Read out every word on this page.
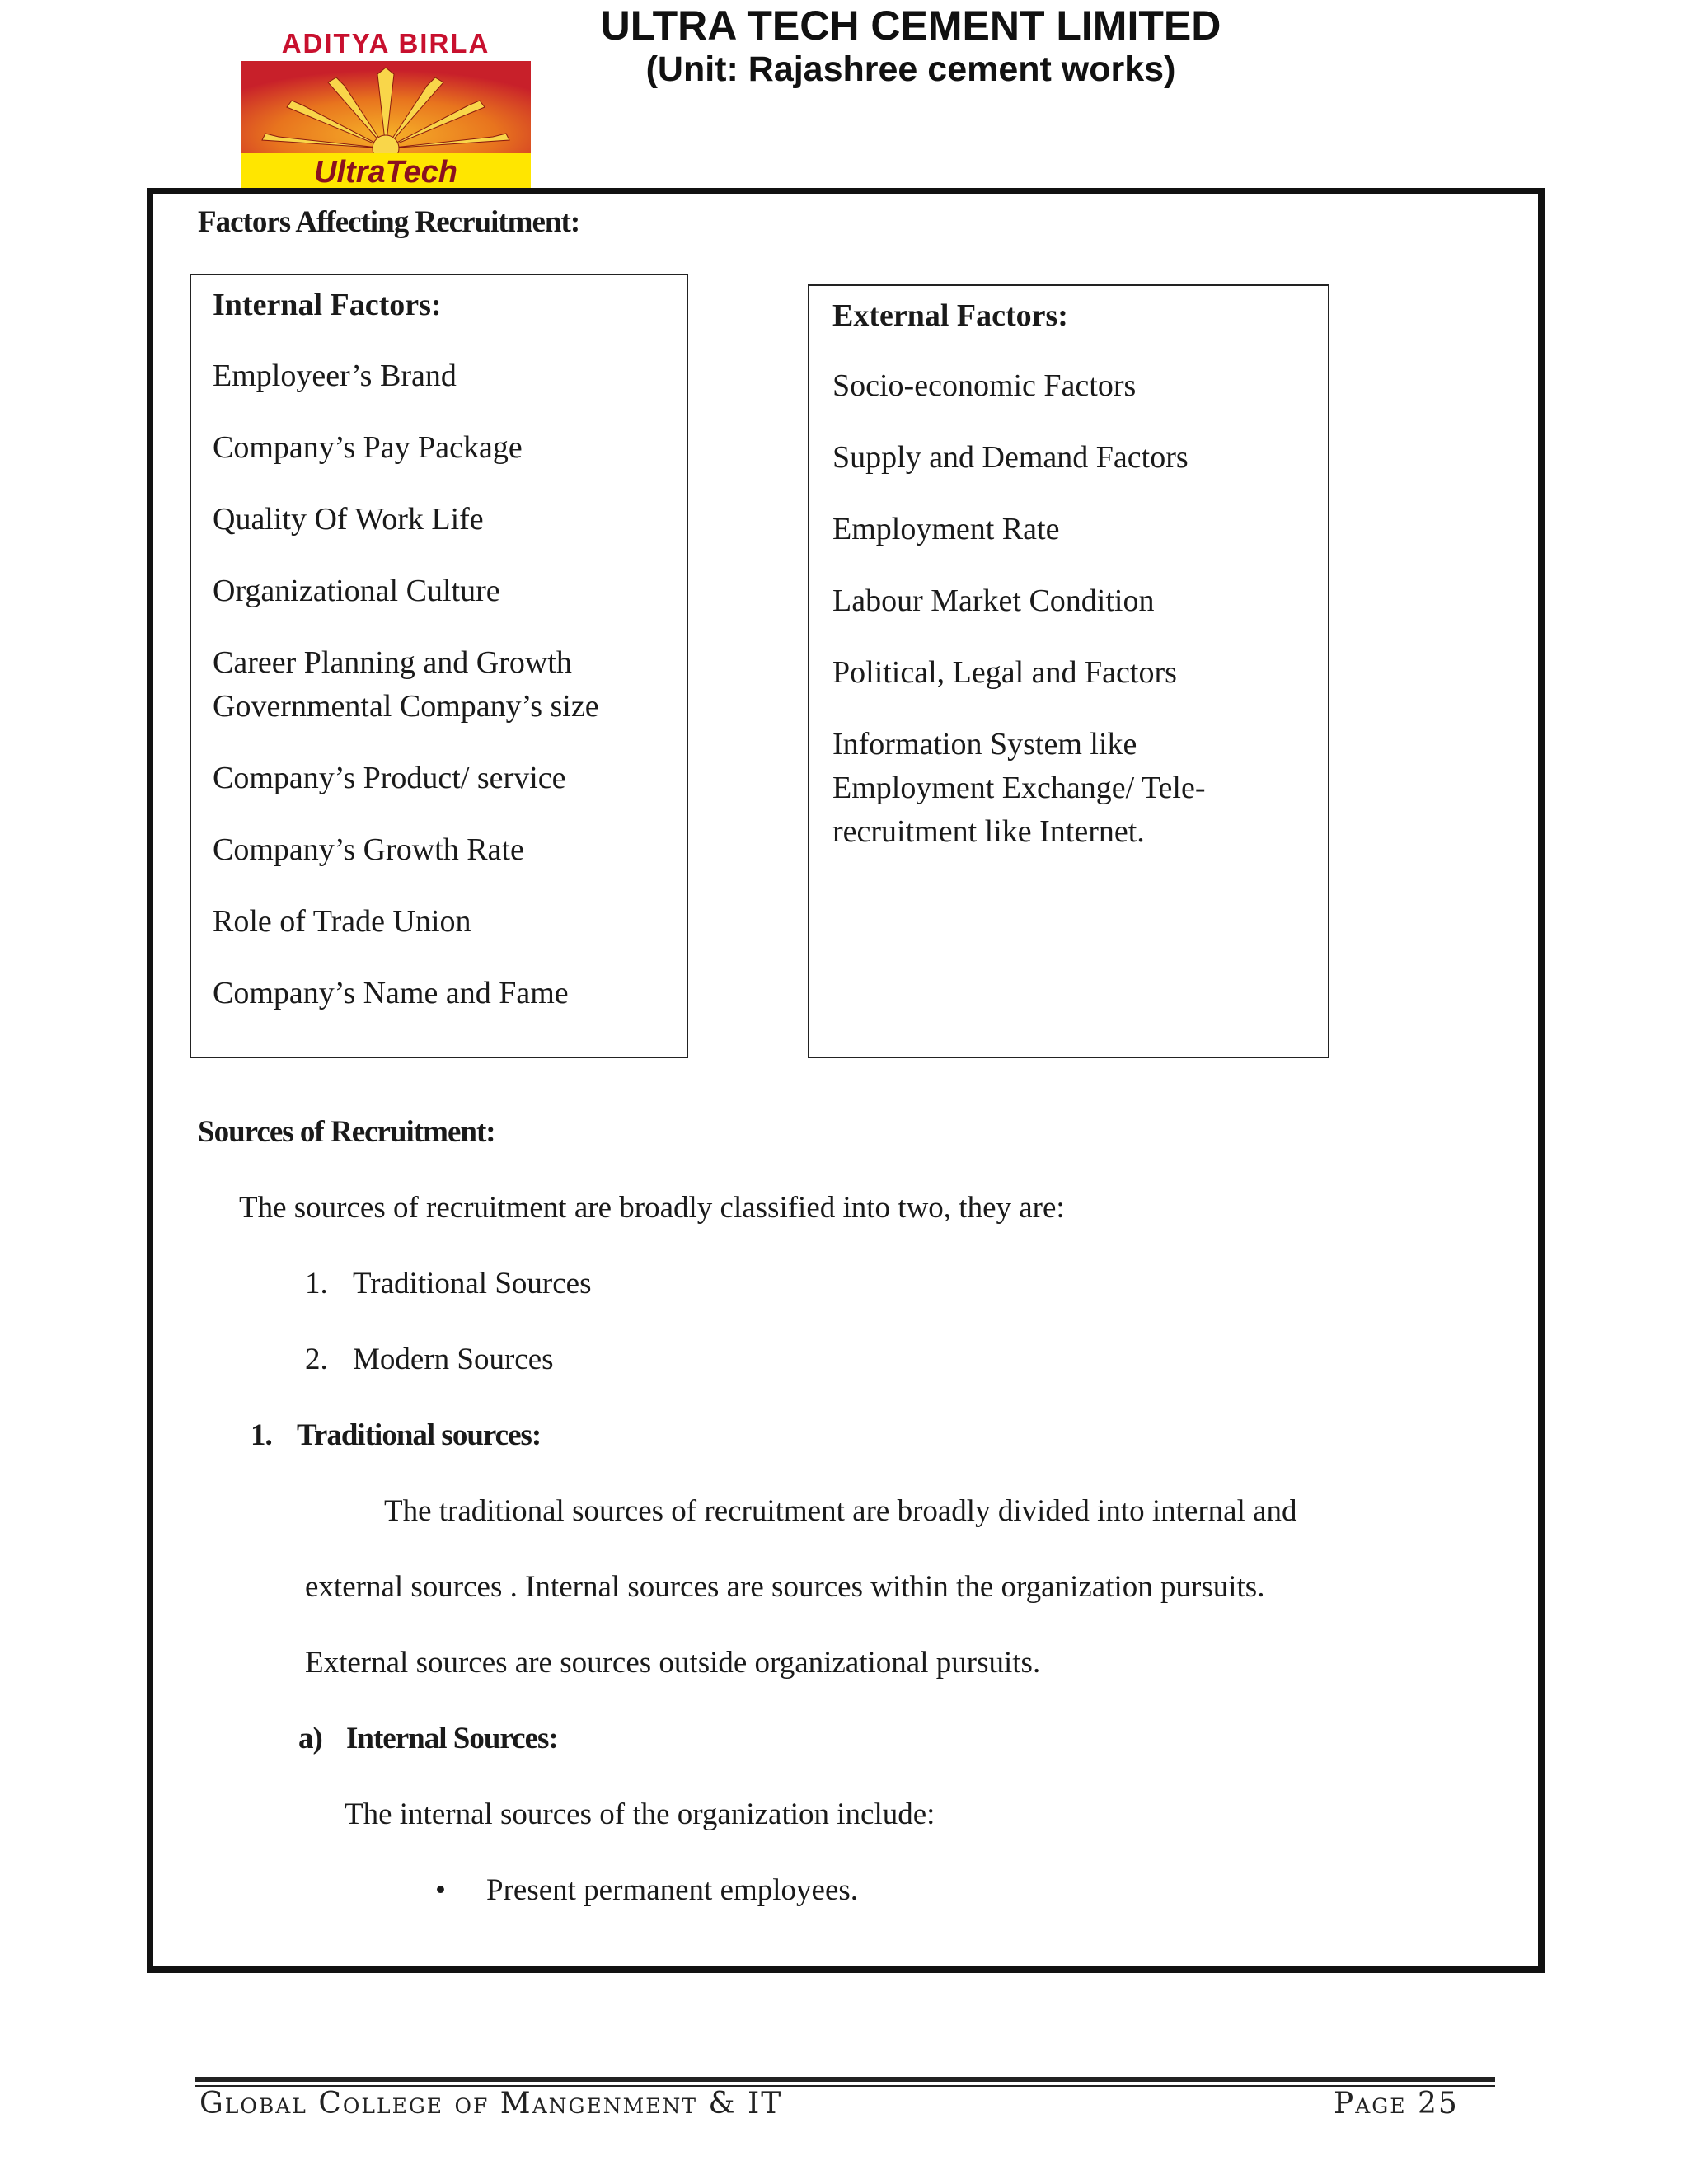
ADITYA BIRLA
UltraTech
ULTRA TECH CEMENT LIMITED
(Unit: Rajashree cement works)
Factors Affecting Recruitment:
Internal Factors:
Employeer’s Brand
Company’s Pay Package
Quality Of Work Life
Organizational Culture
Career Planning and Growth
Governmental Company’s size
Company’s Product/ service
Company’s Growth Rate
Role of Trade Union
Company’s Name and Fame
External Factors:
Socio-economic Factors
Supply and Demand Factors
Employment Rate
Labour Market Condition
Political, Legal and Factors
Information System like
Employment Exchange/ Tele-
recruitment like Internet.
Sources of Recruitment:
The sources of recruitment are broadly classified into two, they are:
1. Traditional Sources
2. Modern Sources
1. Traditional sources:
The traditional sources of recruitment are broadly divided into internal and
external sources . Internal sources are sources within the organization pursuits.
External sources are sources outside organizational pursuits.
a) Internal Sources:
The internal sources of the organization include:
• Present permanent employees.
Global College of Mangenment & IT	Page 25
